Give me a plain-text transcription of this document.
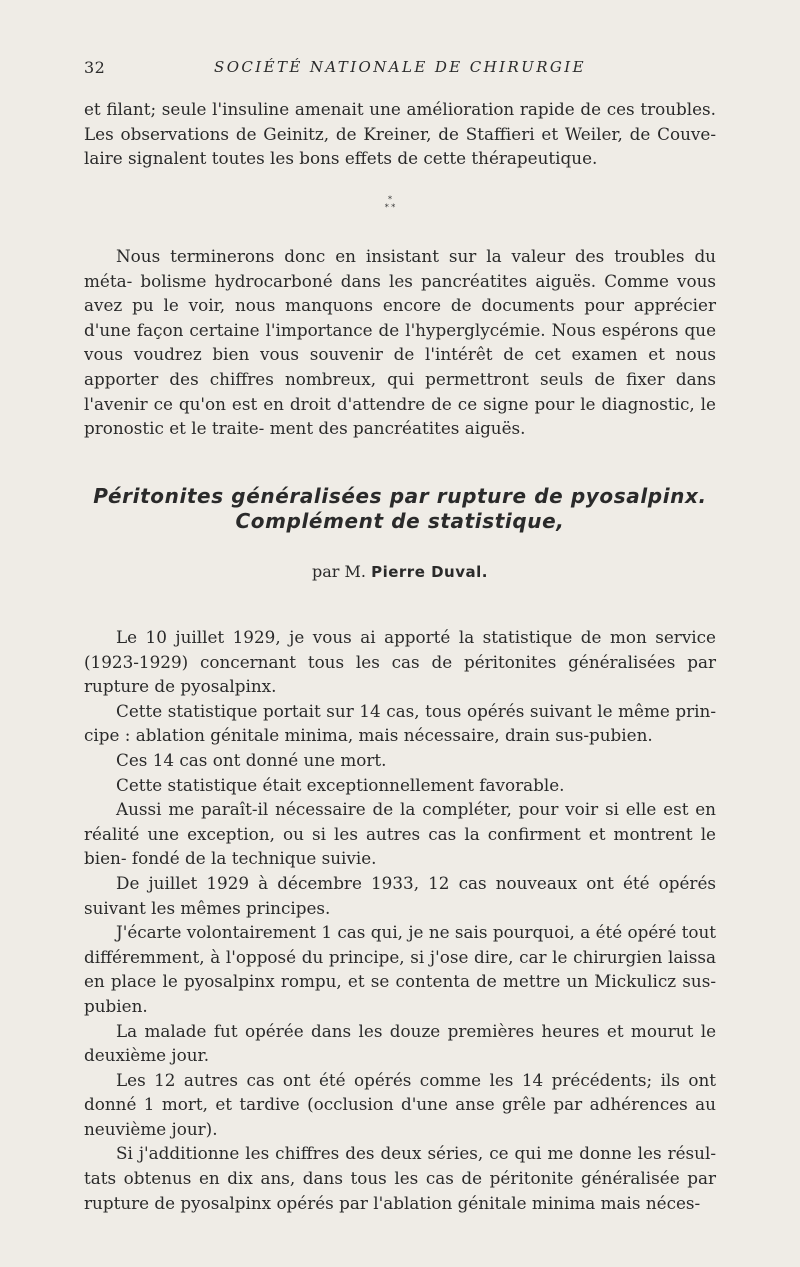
32	SOCIÉTÉ NATIONALE DE CHIRURGIE

et filant; seule l'insuline amenait une amélioration rapide de ces troubles. Les observations de Geinitz, de Kreiner, de Staffieri et Weiler, de Couve- laire signalent toutes les bons effets de cette thérapeutique.

*
* *

Nous terminerons donc en insistant sur la valeur des troubles du méta- bolisme hydrocarboné dans les pancréatites aiguës. Comme vous avez pu le voir, nous manquons encore de documents pour apprécier d'une façon certaine l'importance de l'hyperglycémie. Nous espérons que vous voudrez bien vous souvenir de l'intérêt de cet examen et nous apporter des chiffres nombreux, qui permettront seuls de fixer dans l'avenir ce qu'on est en droit d'attendre de ce signe pour le diagnostic, le pronostic et le traite- ment des pancréatites aiguës.

Péritonites généralisées par rupture de pyosalpinx.
Complément de statistique,
par M. Pierre Duval.

Le 10 juillet 1929, je vous ai apporté la statistique de mon service (1923-1929) concernant tous les cas de péritonites généralisées par rupture de pyosalpinx.

Cette statistique portait sur 14 cas, tous opérés suivant le même prin- cipe : ablation génitale minima, mais nécessaire, drain sus-pubien.

Ces 14 cas ont donné une mort.

Cette statistique était exceptionnellement favorable.

Aussi me paraît-il nécessaire de la compléter, pour voir si elle est en réalité une exception, ou si les autres cas la confirment et montrent le bien- fondé de la technique suivie.

De juillet 1929 à décembre 1933, 12 cas nouveaux ont été opérés suivant les mêmes principes.

J'écarte volontairement 1 cas qui, je ne sais pourquoi, a été opéré tout différemment, à l'opposé du principe, si j'ose dire, car le chirurgien laissa en place le pyosalpinx rompu, et se contenta de mettre un Mickulicz sus- pubien.

La malade fut opérée dans les douze premières heures et mourut le deuxième jour.

Les 12 autres cas ont été opérés comme les 14 précédents; ils ont donné 1 mort, et tardive (occlusion d'une anse grêle par adhérences au neuvième jour).

Si j'additionne les chiffres des deux séries, ce qui me donne les résul- tats obtenus en dix ans, dans tous les cas de péritonite généralisée par rupture de pyosalpinx opérés par l'ablation génitale minima mais néces-
